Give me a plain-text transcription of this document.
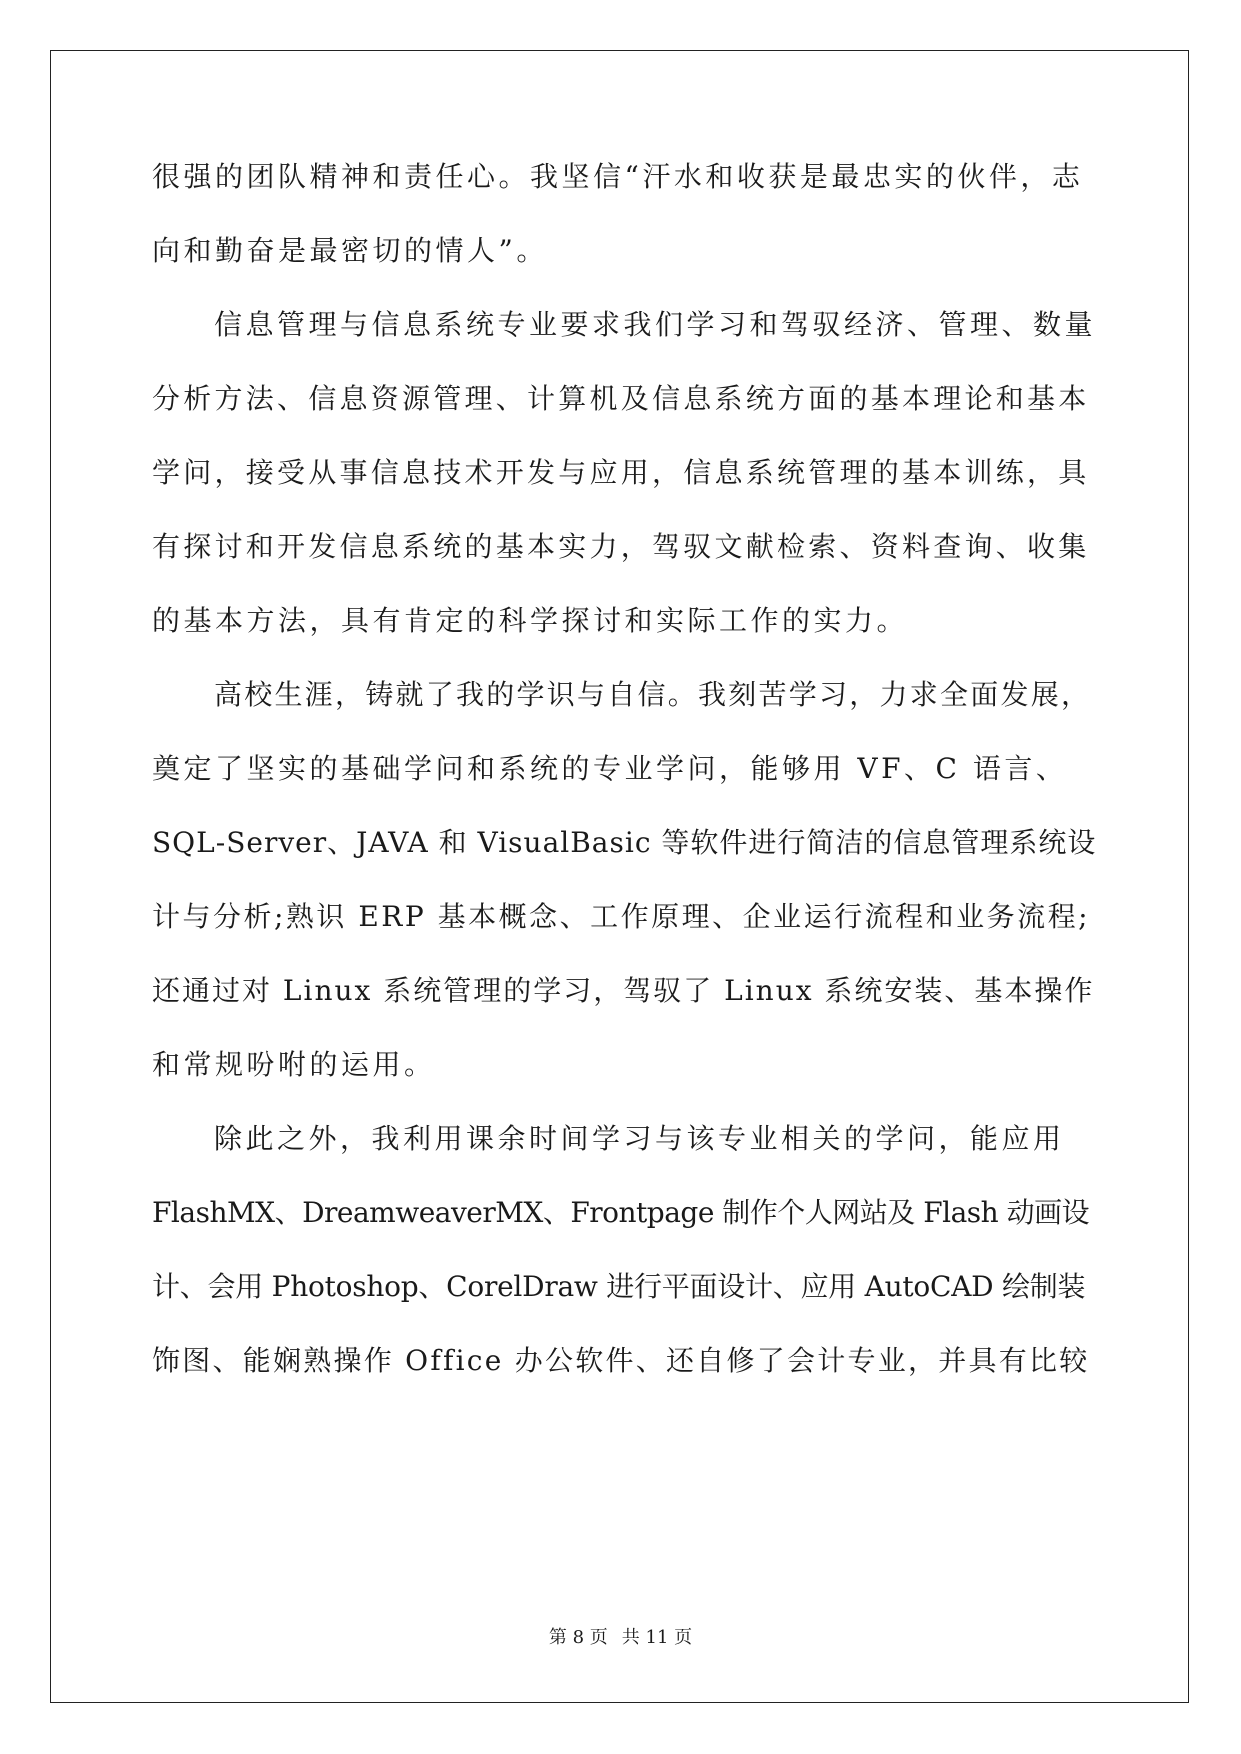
很强的团队精神和责任心。我坚信“汗水和收获是最忠实的伙伴，志
向和勤奋是最密切的情人”。
信息管理与信息系统专业要求我们学习和驾驭经济、管理、数量
分析方法、信息资源管理、计算机及信息系统方面的基本理论和基本
学问，接受从事信息技术开发与应用，信息系统管理的基本训练，具
有探讨和开发信息系统的基本实力，驾驭文献检索、资料查询、收集
的基本方法，具有肯定的科学探讨和实际工作的实力。
高校生涯，铸就了我的学识与自信。我刻苦学习，力求全面发展，
奠定了坚实的基础学问和系统的专业学问，能够用 VF、C 语言、
SQL-Server、JAVA 和 VisualBasic 等软件进行简洁的信息管理系统设
计与分析;熟识 ERP 基本概念、工作原理、企业运行流程和业务流程;
还通过对 Linux 系统管理的学习，驾驭了 Linux 系统安装、基本操作
和常规吩咐的运用。
除此之外，我利用课余时间学习与该专业相关的学问，能应用
FlashMX、DreamweaverMX、Frontpage 制作个人网站及 Flash 动画设
计、会用 Photoshop、CorelDraw 进行平面设计、应用 AutoCAD 绘制装
饰图、能娴熟操作 Office 办公软件、还自修了会计专业，并具有比较
第 8 页 共 11 页
